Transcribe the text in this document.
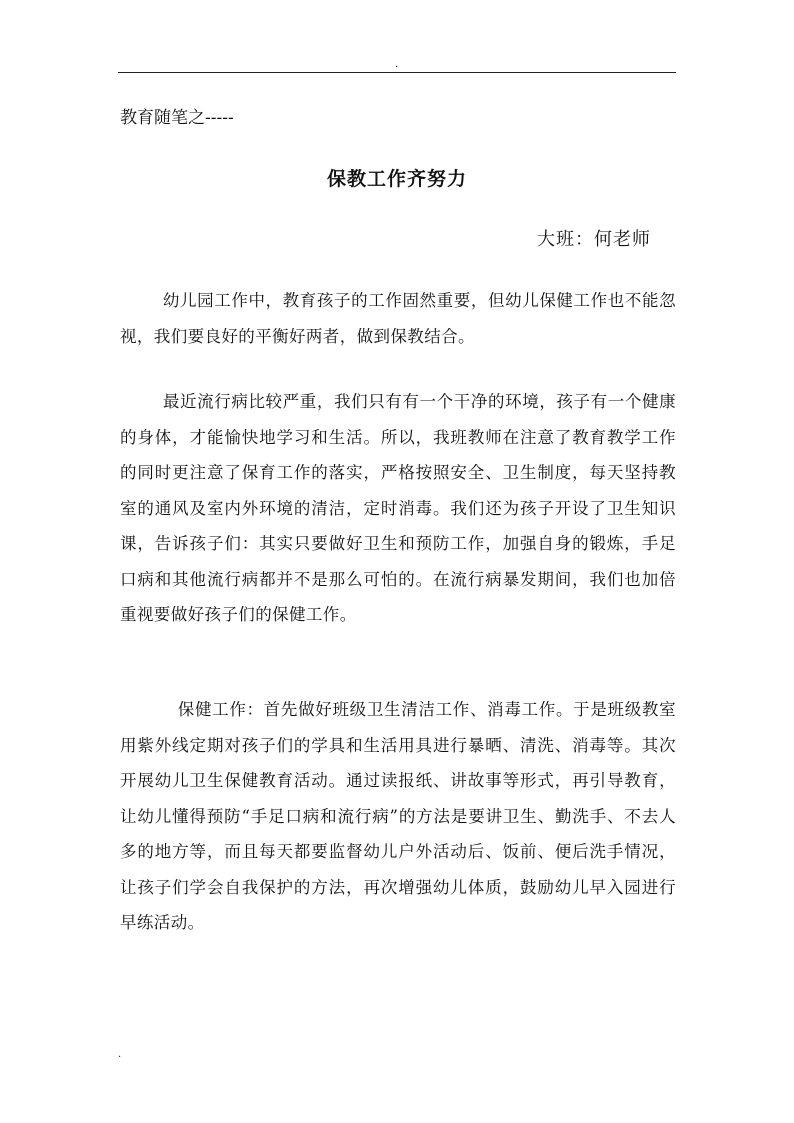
.
教育随笔之-----
保教工作齐努力
大班：何老师

幼儿园工作中，教育孩子的工作固然重要，但幼儿保健工作也不能忽视，我们要良好的平衡好两者，做到保教结合。

最近流行病比较严重，我们只有有一个干净的环境，孩子有一个健康的身体，才能愉快地学习和生活。所以，我班教师在注意了教育教学工作的同时更注意了保育工作的落实，严格按照安全、卫生制度，每天坚持教室的通风及室内外环境的清洁，定时消毒。我们还为孩子开设了卫生知识课，告诉孩子们：其实只要做好卫生和预防工作，加强自身的锻炼，手足口病和其他流行病都并不是那么可怕的。在流行病暴发期间，我们也加倍重视要做好孩子们的保健工作。

保健工作：首先做好班级卫生清洁工作、消毒工作。于是班级教室用紫外线定期对孩子们的学具和生活用具进行暴晒、清洗、消毒等。其次开展幼儿卫生保健教育活动。通过读报纸、讲故事等形式，再引导教育，让幼儿懂得预防“手足口病和流行病”的方法是要讲卫生、勤洗手、不去人多的地方等，而且每天都要监督幼儿户外活动后、饭前、便后洗手情况，让孩子们学会自我保护的方法，再次增强幼儿体质，鼓励幼儿早入园进行早练活动。

.
